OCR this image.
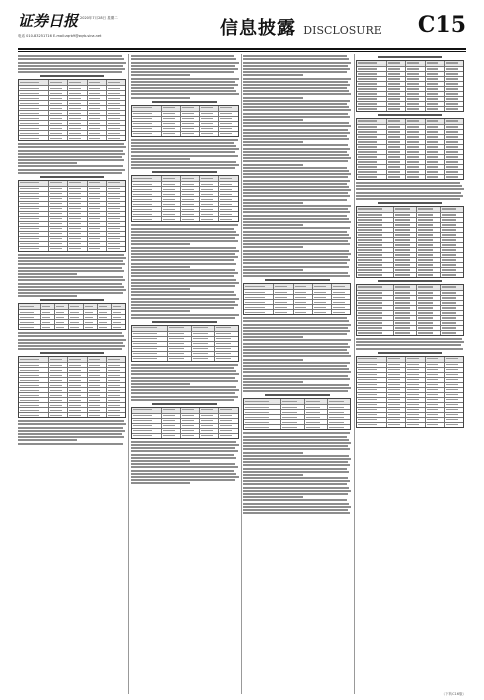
证券日报 2020年7月28日 星期二
电话 010-83251716 E-mail:zqrb9@zqrb.sina.net	信息披露 DISCLOSURE C15
（下转C16版）
